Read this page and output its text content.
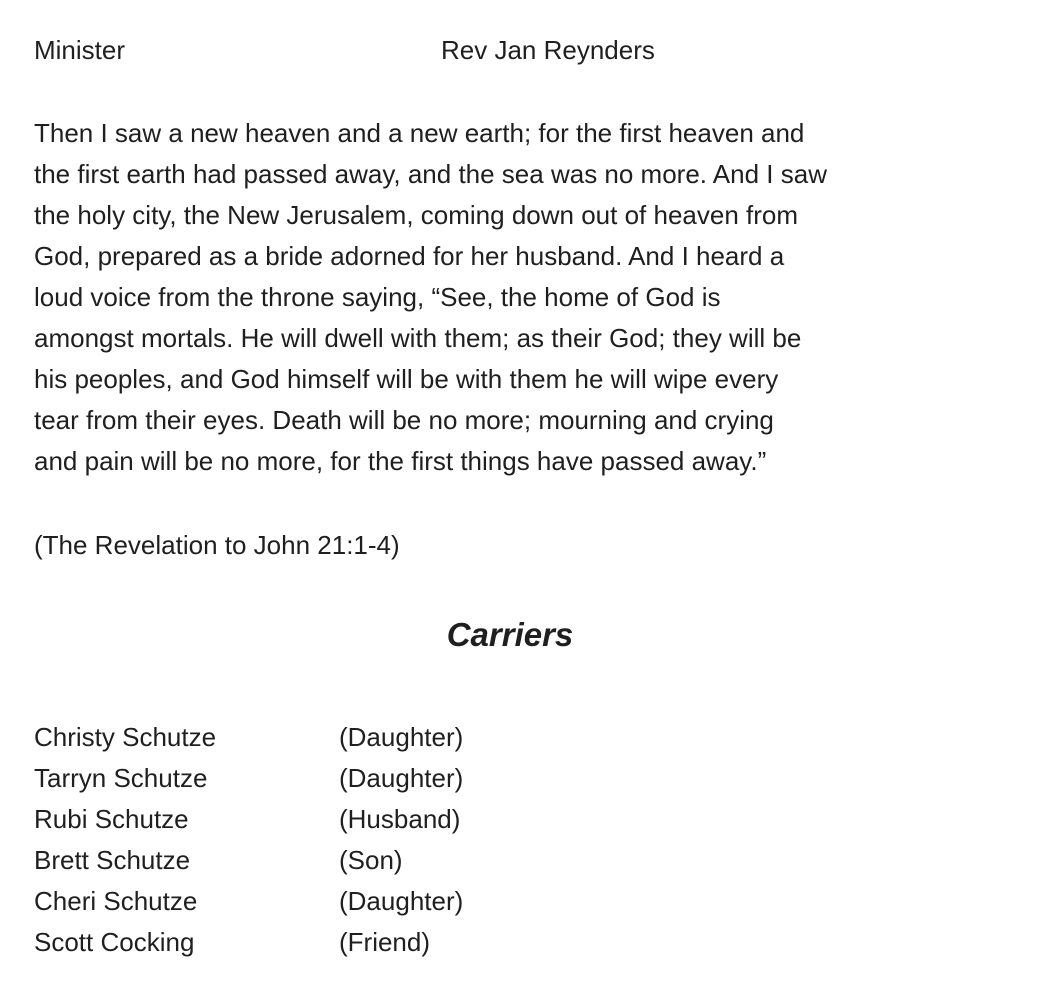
Minister	Rev Jan Reynders
Then I saw a new heaven and a new earth; for the first heaven and
the first earth had passed away, and the sea was no more. And I saw
the holy city, the New Jerusalem, coming down out of heaven from
God, prepared as a bride adorned for her husband. And I heard a
loud voice from the throne saying, “See, the home of God is
amongst mortals. He will dwell with them; as their God; they will be
his peoples, and God himself will be with them he will wipe every
tear from their eyes. Death will be no more; mourning and crying
and pain will be no more, for the first things have passed away.”
(The Revelation to John 21:1-4)
Carriers
Christy Schutze	(Daughter)
Tarryn Schutze	(Daughter)
Rubi Schutze	(Husband)
Brett Schutze	(Son)
Cheri Schutze	(Daughter)
Scott Cocking	(Friend)
